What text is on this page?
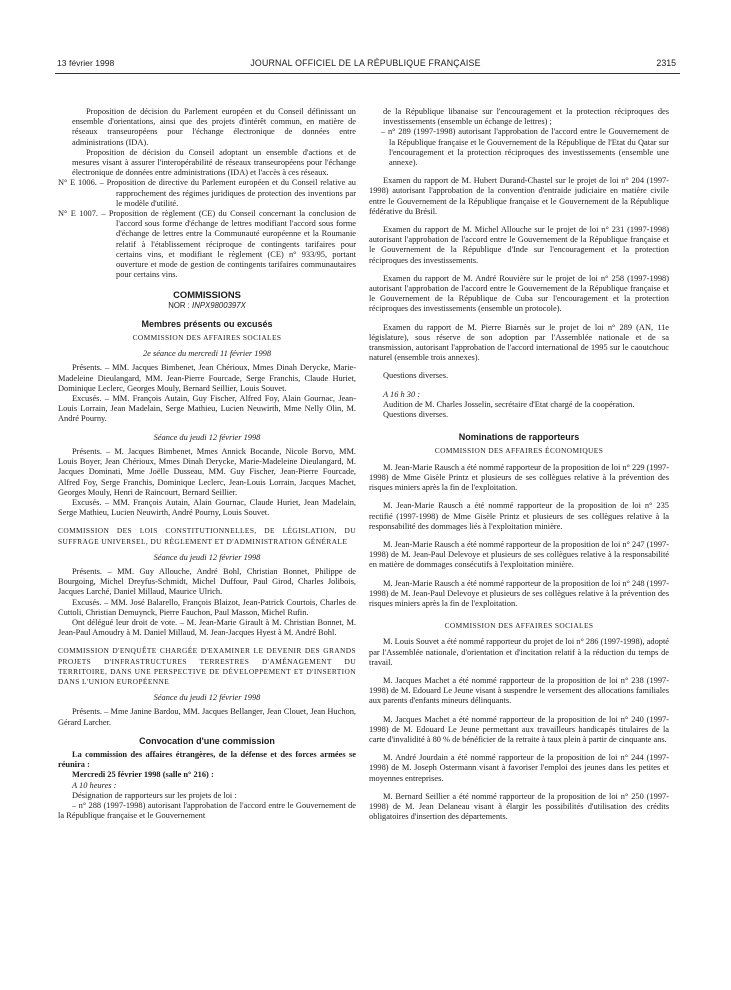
13 février 1998	JOURNAL OFFICIEL DE LA RÉPUBLIQUE FRANÇAISE	2315

Proposition de décision du Parlement européen et du Conseil définissant un ensemble d'orientations, ainsi que des projets d'intérêt commun, en matière de réseaux transeuropéens pour l'échange électronique de données entre administrations (IDA).

Proposition de décision du Conseil adoptant un ensemble d'actions et de mesures visant à assurer l'interopérabilité de réseaux transeuropéens pour l'échange électronique de données entre administrations (IDA) et l'accès à ces réseaux.

N° E 1006. – Proposition de directive du Parlement européen et du Conseil relative au rapprochement des régimes juridiques de protection des inventions par le modèle d'utilité.

N° E 1007. – Proposition de règlement (CE) du Conseil concernant la conclusion de l'accord sous forme d'échange de lettres modifiant l'accord sous forme d'échange de lettres entre la Communauté européenne et la Roumanie relatif à l'établissement réciproque de contingents tarifaires pour certains vins, et modifiant le règlement (CE) n° 933/95, portant ouverture et mode de gestion de contingents tarifaires communautaires pour certains vins.

COMMISSIONS
NOR : INPX9800397X
Membres présents ou excusés
COMMISSION DES AFFAIRES SOCIALES
2e séance du mercredi 11 février 1998

Présents. – MM. Jacques Bimbenet, Jean Chérioux, Mmes Dinah Derycke, Marie-Madeleine Dieulangard, MM. Jean-Pierre Fourcade, Serge Franchis, Claude Huriet, Dominique Leclerc, Georges Mouly, Bernard Seillier, Louis Souvet.

Excusés. – MM. François Autain, Guy Fischer, Alfred Foy, Alain Gournac, Jean-Louis Lorrain, Jean Madelain, Serge Mathieu, Lucien Neuwirth, Mme Nelly Olin, M. André Pourny.

Séance du jeudi 12 février 1998

Présents. – M. Jacques Bimbenet, Mmes Annick Bocande, Nicole Borvo, MM. Louis Boyer, Jean Chérioux, Mmes Dinah Derycke, Marie-Madeleine Dieulangard, M. Jacques Dominati, Mme Joëlle Dusseau, MM. Guy Fischer, Jean-Pierre Fourcade, Alfred Foy, Serge Franchis, Dominique Leclerc, Jean-Louis Lorrain, Jacques Machet, Georges Mouly, Henri de Raincourt, Bernard Seillier.

Excusés. – MM. François Autain, Alain Gournac, Claude Huriet, Jean Madelain, Serge Mathieu, Lucien Neuwirth, André Pourny, Louis Souvet.

COMMISSION DES LOIS CONSTITUTIONNELLES, DE LÉGISLATION, DU SUFFRAGE UNIVERSEL, DU RÈGLEMENT ET D'ADMINISTRATION GÉNÉRALE
Séance du jeudi 12 février 1998

Présents. – MM. Guy Allouche, André Bohl, Christian Bonnet, Philippe de Bourgoing, Michel Dreyfus-Schmidt, Michel Duffour, Paul Girod, Charles Jolibois, Jacques Larché, Daniel Millaud, Maurice Ulrich.

Excusés. – MM. José Balarello, François Blaizot, Jean-Patrick Courtois, Charles de Cuttoli, Christian Demuynck, Pierre Fauchon, Paul Masson, Michel Rufin.

Ont délégué leur droit de vote. – M. Jean-Marie Girault à M. Christian Bonnet, M. Jean-Paul Amoudry à M. Daniel Millaud, M. Jean-Jacques Hyest à M. André Bohl.

COMMISSION D'ENQUÊTE CHARGÉE D'EXAMINER LE DEVENIR DES GRANDS PROJETS D'INFRASTRUCTURES TERRESTRES D'AMÉNAGEMENT DU TERRITOIRE, DANS UNE PERSPECTIVE DE DÉVELOPPEMENT ET D'INSERTION DANS L'UNION EUROPÉENNE
Séance du jeudi 12 février 1998

Présents. – Mme Janine Bardou, MM. Jacques Bellanger, Jean Clouet, Jean Huchon, Gérard Larcher.

Convocation d'une commission

La commission des affaires étrangères, de la défense et des forces armées se réunira :

Mercredi 25 février 1998 (salle n° 216) :

A 10 heures :

Désignation de rapporteurs sur les projets de loi :

– n° 288 (1997-1998) autorisant l'approbation de l'accord entre le Gouvernement de la République française et le Gouvernement

de la République libanaise sur l'encouragement et la protection réciproques des investissements (ensemble un échange de lettres) ;

– n° 289 (1997-1998) autorisant l'approbation de l'accord entre le Gouvernement de la République française et le Gouvernement de la République de l'Etat du Qatar sur l'encouragement et la protection réciproques des investissements (ensemble une annexe).

Examen du rapport de M. Hubert Durand-Chastel sur le projet de loi n° 204 (1997-1998) autorisant l'approbation de la convention d'entraide judiciaire en matière civile entre le Gouvernement de la République française et le Gouvernement de la République fédérative du Brésil.

Examen du rapport de M. Michel Allouche sur le projet de loi n° 231 (1997-1998) autorisant l'approbation de l'accord entre le Gouvernement de la République française et le Gouvernement de la République d'Inde sur l'encouragement et la protection réciproques des investissements.

Examen du rapport de M. André Rouvière sur le projet de loi n° 258 (1997-1998) autorisant l'approbation de l'accord entre le Gouvernement de la République française et le Gouvernement de la République de Cuba sur l'encouragement et la protection réciproques des investissements (ensemble un protocole).

Examen du rapport de M. Pierre Biarnès sur le projet de loi n° 289 (AN, 11e législature), sous réserve de son adoption par l'Assemblée nationale et de sa transmission, autorisant l'approbation de l'accord international de 1995 sur le caoutchouc naturel (ensemble trois annexes).

Questions diverses.

A 16 h 30 :

Audition de M. Charles Josselin, secrétaire d'Etat chargé de la coopération.

Questions diverses.

Nominations de rapporteurs
COMMISSION DES AFFAIRES ÉCONOMIQUES

M. Jean-Marie Rausch a été nommé rapporteur de la proposition de loi n° 229 (1997-1998) de Mme Gisèle Printz et plusieurs de ses collègues relative à la prévention des risques miniers après la fin de l'exploitation.

M. Jean-Marie Rausch a été nommé rapporteur de la proposition de loi n° 235 rectifié (1997-1998) de Mme Gisèle Printz et plusieurs de ses collègues relative à la responsabilité des dommages liés à l'exploitation minière.

M. Jean-Marie Rausch a été nommé rapporteur de la proposition de loi n° 247 (1997-1998) de M. Jean-Paul Delevoye et plusieurs de ses collègues relative à la responsabilité en matière de dommages consécutifs à l'exploitation minière.

M. Jean-Marie Rausch a été nommé rapporteur de la proposition de loi n° 248 (1997-1998) de M. Jean-Paul Delevoye et plusieurs de ses collègues relative à la prévention des risques miniers après la fin de l'exploitation.

COMMISSION DES AFFAIRES SOCIALES

M. Louis Souvet a été nommé rapporteur du projet de loi n° 286 (1997-1998), adopté par l'Assemblée nationale, d'orientation et d'incitation relatif à la réduction du temps de travail.

M. Jacques Machet a été nommé rapporteur de la proposition de loi n° 238 (1997-1998) de M. Edouard Le Jeune visant à suspendre le versement des allocations familiales aux parents d'enfants mineurs délinquants.

M. Jacques Machet a été nommé rapporteur de la proposition de loi n° 240 (1997-1998) de M. Edouard Le Jeune permettant aux travailleurs handicapés titulaires de la carte d'invalidité à 80 % de bénéficier de la retraite à taux plein à partir de cinquante ans.

M. André Jourdain a été nommé rapporteur de la proposition de loi n° 244 (1997-1998) de M. Joseph Ostermann visant à favoriser l'emploi des jeunes dans les petites et moyennes entreprises.

M. Bernard Seillier a été nommé rapporteur de la proposition de loi n° 250 (1997-1998) de M. Jean Delaneau visant à élargir les possibilités d'utilisation des crédits obligatoires d'insertion des départements.
